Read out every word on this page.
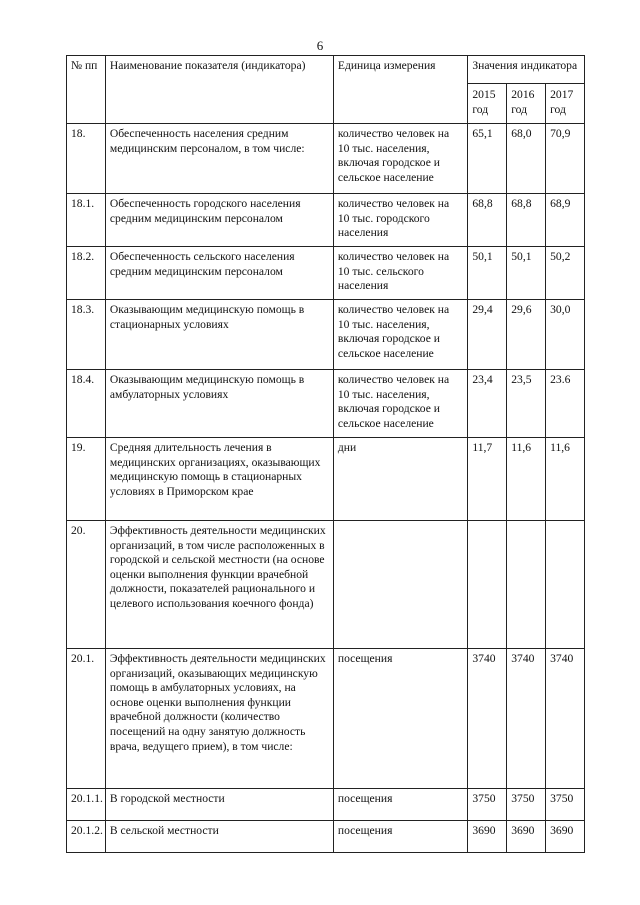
6
№ пп	Наименование показателя (индикатора)	Единица измерения	Значения индикатора		
			2015 год	2016 год	2017 год
18.	Обеспеченность населения средним медицинским персоналом, в том числе:	количество человек на 10 тыс. населения, включая городское и сельское население	65,1	68,0	70,9
18.1.	Обеспеченность городского населения средним медицинским персоналом	количество человек на 10 тыс. городского населения	68,8	68,8	68,9
18.2.	Обеспеченность сельского населения средним медицинским персоналом	количество человек на 10 тыс. сельского населения	50,1	50,1	50,2
18.3.	Оказывающим медицинскую помощь в стационарных условиях	количество человек на 10 тыс. населения, включая городское и сельское население	29,4	29,6	30,0
18.4.	Оказывающим медицинскую помощь в амбулаторных условиях	количество человек на 10 тыс. населения, включая городское и сельское население	23,4	23,5	23.6
19.	Средняя длительность лечения в медицинских организациях, оказывающих медицинскую помощь в стационарных условиях в Приморском крае	дни	11,7	11,6	11,6
20.	Эффективность деятельности медицинских организаций, в том числе расположенных в городской и сельской местности (на основе оценки выполнения функции врачебной должности, показателей рационального и целевого использования коечного фонда)				
20.1.	Эффективность деятельности медицинских организаций, оказывающих медицинскую помощь в амбулаторных условиях, на основе оценки выполнения функции врачебной должности (количество посещений на одну занятую должность врача, ведущего прием), в том числе:	посещения	3740	3740	3740
20.1.1.	В городской местности	посещения	3750	3750	3750
20.1.2.	В сельской местности	посещения	3690	3690	3690
